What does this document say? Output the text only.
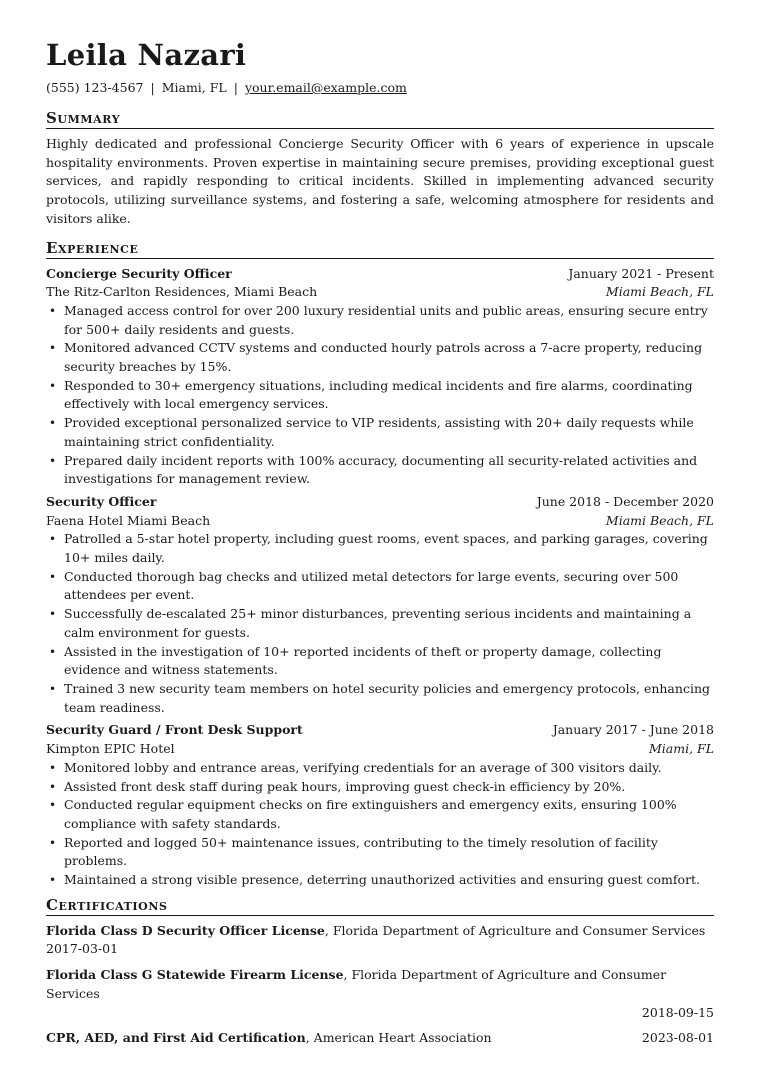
Leila Nazari
(555) 123-4567 | Miami, FL | your.email@example.com
Summary
Highly dedicated and professional Concierge Security Officer with 6 years of experience in upscale hospitality environments. Proven expertise in maintaining secure premises, providing exceptional guest services, and rapidly responding to critical incidents. Skilled in implementing advanced security protocols, utilizing surveillance systems, and fostering a safe, welcoming atmosphere for residents and visitors alike.
Experience
Concierge Security Officer	January 2021 - Present
The Ritz-Carlton Residences, Miami Beach	Miami Beach, FL
• Managed access control for over 200 luxury residential units and public areas, ensuring secure entry for 500+ daily residents and guests.
• Monitored advanced CCTV systems and conducted hourly patrols across a 7-acre property, reducing security breaches by 15%.
• Responded to 30+ emergency situations, including medical incidents and fire alarms, coordinating effectively with local emergency services.
• Provided exceptional personalized service to VIP residents, assisting with 20+ daily requests while maintaining strict confidentiality.
• Prepared daily incident reports with 100% accuracy, documenting all security-related activities and investigations for management review.
Security Officer	June 2018 - December 2020
Faena Hotel Miami Beach	Miami Beach, FL
• Patrolled a 5-star hotel property, including guest rooms, event spaces, and parking garages, covering 10+ miles daily.
• Conducted thorough bag checks and utilized metal detectors for large events, securing over 500 attendees per event.
• Successfully de-escalated 25+ minor disturbances, preventing serious incidents and maintaining a calm environment for guests.
• Assisted in the investigation of 10+ reported incidents of theft or property damage, collecting evidence and witness statements.
• Trained 3 new security team members on hotel security policies and emergency protocols, enhancing team readiness.
Security Guard / Front Desk Support	January 2017 - June 2018
Kimpton EPIC Hotel	Miami, FL
• Monitored lobby and entrance areas, verifying credentials for an average of 300 visitors daily.
• Assisted front desk staff during peak hours, improving guest check-in efficiency by 20%.
• Conducted regular equipment checks on fire extinguishers and emergency exits, ensuring 100% compliance with safety standards.
• Reported and logged 50+ maintenance issues, contributing to the timely resolution of facility problems.
• Maintained a strong visible presence, deterring unauthorized activities and ensuring guest comfort.
Certifications
Florida Class D Security Officer License, Florida Department of Agriculture and Consumer Services
2017-03-01
Florida Class G Statewide Firearm License, Florida Department of Agriculture and Consumer Services
2018-09-15
CPR, AED, and First Aid Certification, American Heart Association	2023-08-01
